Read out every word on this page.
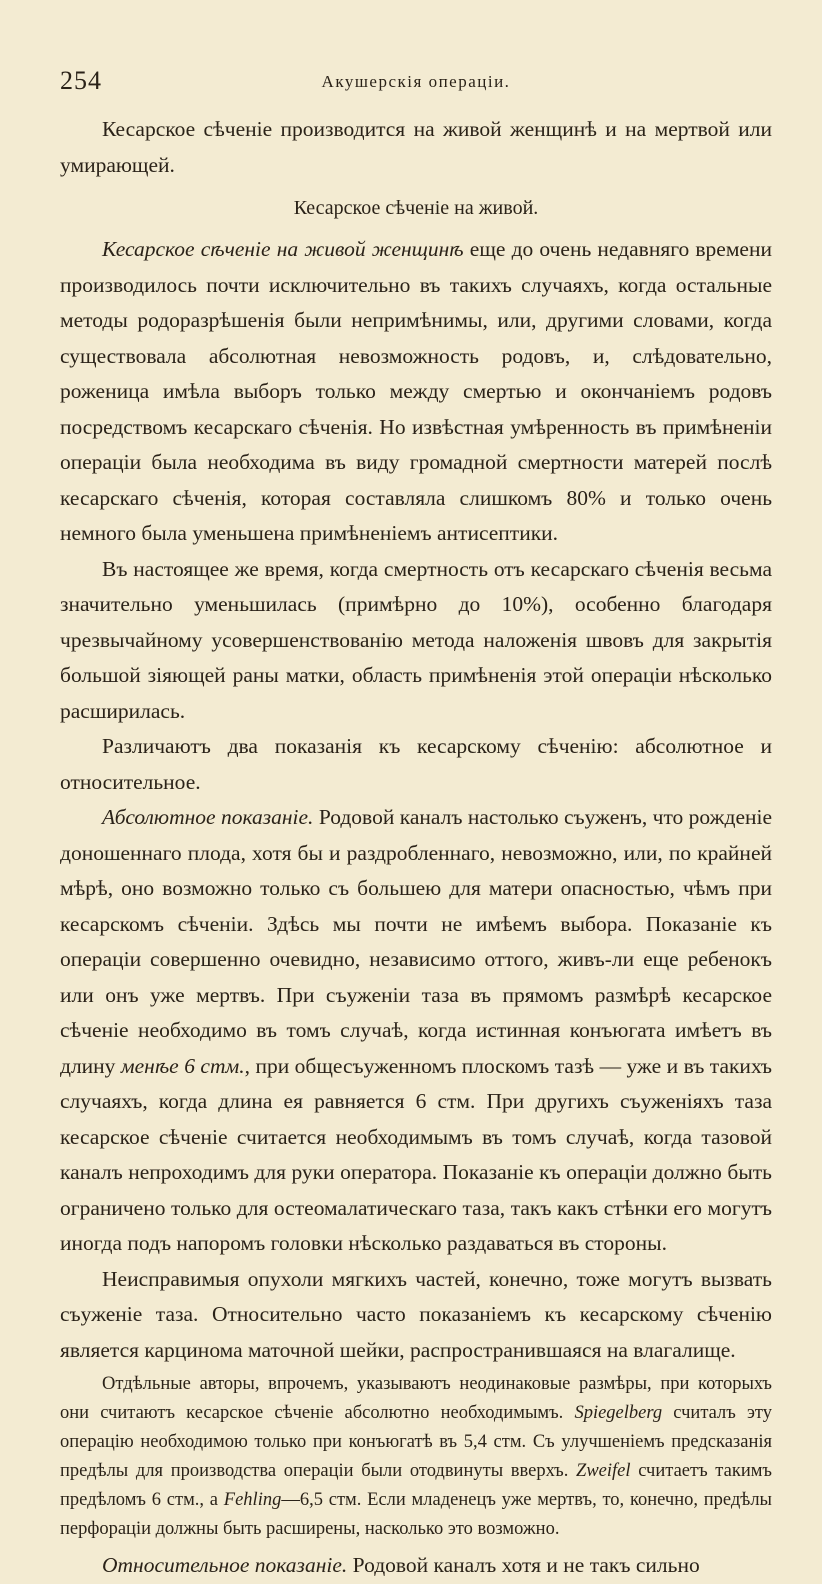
254	Акушерскія операціи.

Кесарское сѣченіе производится на живой женщинѣ и на мертвой или умирающей.

Кесарское сѣченіе на живой.

Кесарское сѣченіе на живой женщинѣ еще до очень недавняго времени производилось почти исключительно въ такихъ случаяхъ, когда остальные методы родоразрѣшенія были непримѣнимы, или, другими словами, когда существовала абсолютная невозможность родовъ, и, слѣдовательно, роженица имѣла выборъ только между смертью и окончаніемъ родовъ посредствомъ кесарскаго сѣченія. Но извѣстная умѣренность въ примѣненіи операціи была необходима въ виду громадной смертности матерей послѣ кесарскаго сѣченія, которая составляла слишкомъ 80% и только очень немного была уменьшена примѣненіемъ антисептики.

Въ настоящее же время, когда смертность отъ кесарскаго сѣченія весьма значительно уменьшилась (примѣрно до 10%), особенно благодаря чрезвычайному усовершенствованію метода наложенія швовъ для закрытія большой зіяющей раны матки, область примѣненія этой операціи нѣсколько расширилась.

Различаютъ два показанія къ кесарскому сѣченію: абсолютное и относительное.

Абсолютное показаніе. Родовой каналъ настолько съуженъ, что рожденіе доношеннаго плода, хотя бы и раздробленнаго, невозможно, или, по крайней мѣрѣ, оно возможно только съ большею для матери опасностью, чѣмъ при кесарскомъ сѣченіи. Здѣсь мы почти не имѣемъ выбора. Показаніе къ операціи совершенно очевидно, независимо оттого, живъ-ли еще ребенокъ или онъ уже мертвъ. При съуженіи таза въ прямомъ размѣрѣ кесарское сѣченіе необходимо въ томъ случаѣ, когда истинная конъюгата имѣетъ въ длину менѣе 6 стм., при общесъуженномъ плоскомъ тазѣ — уже и въ такихъ случаяхъ, когда длина ея равняется 6 стм. При другихъ съуженіяхъ таза кесарское сѣченіе считается необходимымъ въ томъ случаѣ, когда тазовой каналъ непроходимъ для руки оператора. Показаніе къ операціи должно быть ограничено только для остеомалатическаго таза, такъ какъ стѣнки его могутъ иногда подъ напоромъ головки нѣсколько раздаваться въ стороны.

Неисправимыя опухоли мягкихъ частей, конечно, тоже могутъ вызвать съуженіе таза. Относительно часто показаніемъ къ кесарскому сѣченію является карцинома маточной шейки, распространившаяся на влагалище.

Отдѣльные авторы, впрочемъ, указываютъ неодинаковые размѣры, при которыхъ они считаютъ кесарское сѣченіе абсолютно необходимымъ. Spiegelberg считалъ эту операцію необходимою только при конъюгатѣ въ 5,4 стм. Съ улучшеніемъ предсказанія предѣлы для производства операціи были отодвинуты вверхъ. Zweifel считаетъ такимъ предѣломъ 6 стм., а Fehling—6,5 стм. Если младенецъ уже мертвъ, то, конечно, предѣлы перфораціи должны быть расширены, насколько это возможно.

Относительное показаніе. Родовой каналъ хотя и не такъ сильно
